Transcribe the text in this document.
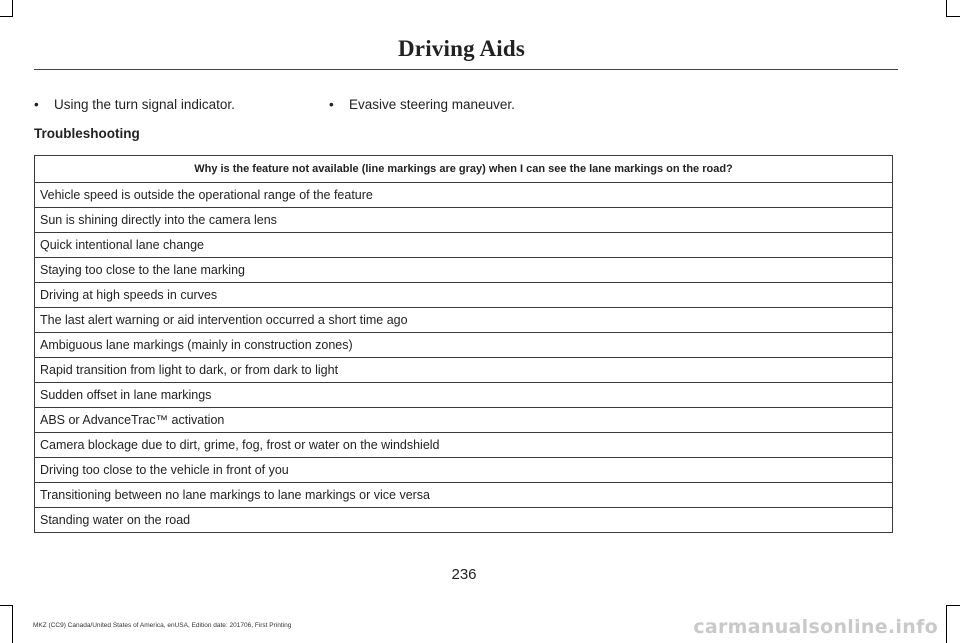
Driving Aids
• Using the turn signal indicator.	• Evasive steering maneuver.
Troubleshooting
Why is the feature not available (line markings are gray) when I can see the lane markings on the road?
Vehicle speed is outside the operational range of the feature
Sun is shining directly into the camera lens
Quick intentional lane change
Staying too close to the lane marking
Driving at high speeds in curves
The last alert warning or aid intervention occurred a short time ago
Ambiguous lane markings (mainly in construction zones)
Rapid transition from light to dark, or from dark to light
Sudden offset in lane markings
ABS or AdvanceTrac™ activation
Camera blockage due to dirt, grime, fog, frost or water on the windshield
Driving too close to the vehicle in front of you
Transitioning between no lane markings to lane markings or vice versa
Standing water on the road
236
MKZ (CC9) Canada/United States of America, enUSA, Edition date: 201706, First Printing	carmanualsonline.info
